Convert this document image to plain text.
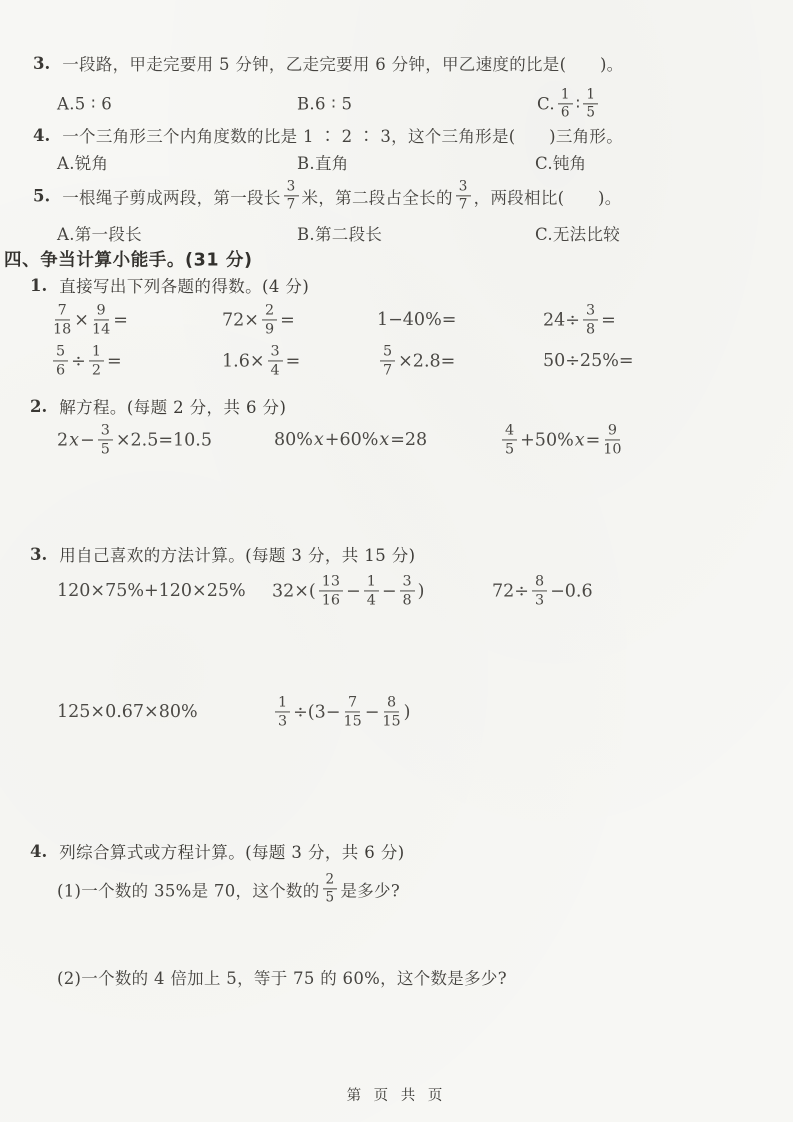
3. 一段路，甲走完要用 5 分钟，乙走完要用 6 分钟，甲乙速度的比是(　　)。
A.5 ∶ 6	B.6 ∶ 5	C. $\frac{1}{6}$ ∶ $\frac{1}{5}$
4. 一个三角形三个内角度数的比是 1 ∶ 2 ∶ 3，这个三角形是(　　)三角形。
A.锐角	B.直角	C.钝角
5. 一根绳子剪成两段，第一段长 $\frac{3}{7}$ 米，第二段占全长的 $\frac{3}{7}$ ，两段相比(　　)。
A.第一段长	B.第二段长	C.无法比较
四、争当计算小能手。(31 分)
1. 直接写出下列各题的得数。(4 分)
$\frac{7}{18} \times \frac{9}{14}$ =	$72\times \frac{2}{9}$ =	1−40%=	$24\div \frac{3}{8}$ =
$\frac{5}{6} \div \frac{1}{2}$ =	$1.6\times \frac{3}{4}$ =	$\frac{5}{7} \times 2.8=$	50÷25%=
2. 解方程。(每题 2 分，共 6 分)
2 $x - \frac{3}{5} \times 2.5=10.5$	80% x +60% x =28	$\frac{4}{5} +50\%$ $x = \frac{9}{10}$
3. 用自己喜欢的方法计算。(每题 3 分，共 15 分)
120×75%+120×25% $32\times( \frac{13}{16} - \frac{1}{4} - \frac{3}{8}$ )	$72\div \frac{8}{3} -0.6$
125×0.67×80%	$\frac{1}{3} \div(3- \frac{7}{15} - \frac{8}{15}$ )
4. 列综合算式或方程计算。(每题 3 分，共 6 分)
(1)一个数的 35%是 70，这个数的 $\frac{2}{5}$ 是多少?
(2)一个数的 4 倍加上 5，等于 75 的 60%，这个数是多少?
第 页 共 页
